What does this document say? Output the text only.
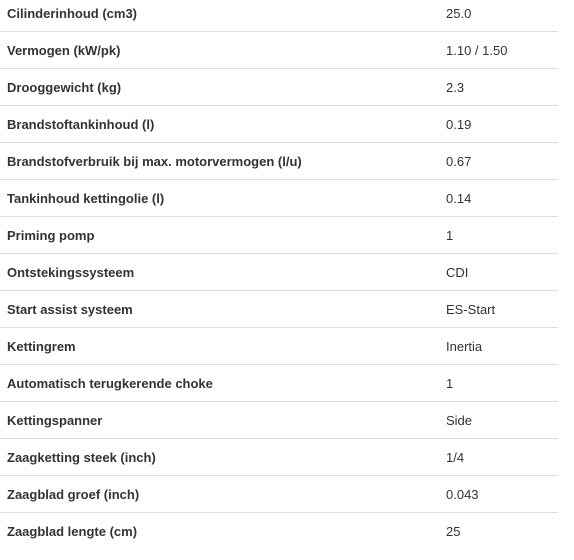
Cilinderinhoud (cm3)	25.0
Vermogen (kW/pk)	1.10 / 1.50
Drooggewicht (kg)	2.3
Brandstoftankinhoud (l)	0.19
Brandstofverbruik bij max. motorvermogen (l/u)	0.67
Tankinhoud kettingolie (l)	0.14
Priming pomp	1
Ontstekingssysteem	CDI
Start assist systeem	ES-Start
Kettingrem	Inertia
Automatisch terugkerende choke	1
Kettingspanner	Side
Zaagketting steek (inch)	1/4
Zaagblad groef (inch)	0.043
Zaagblad lengte (cm)	25
